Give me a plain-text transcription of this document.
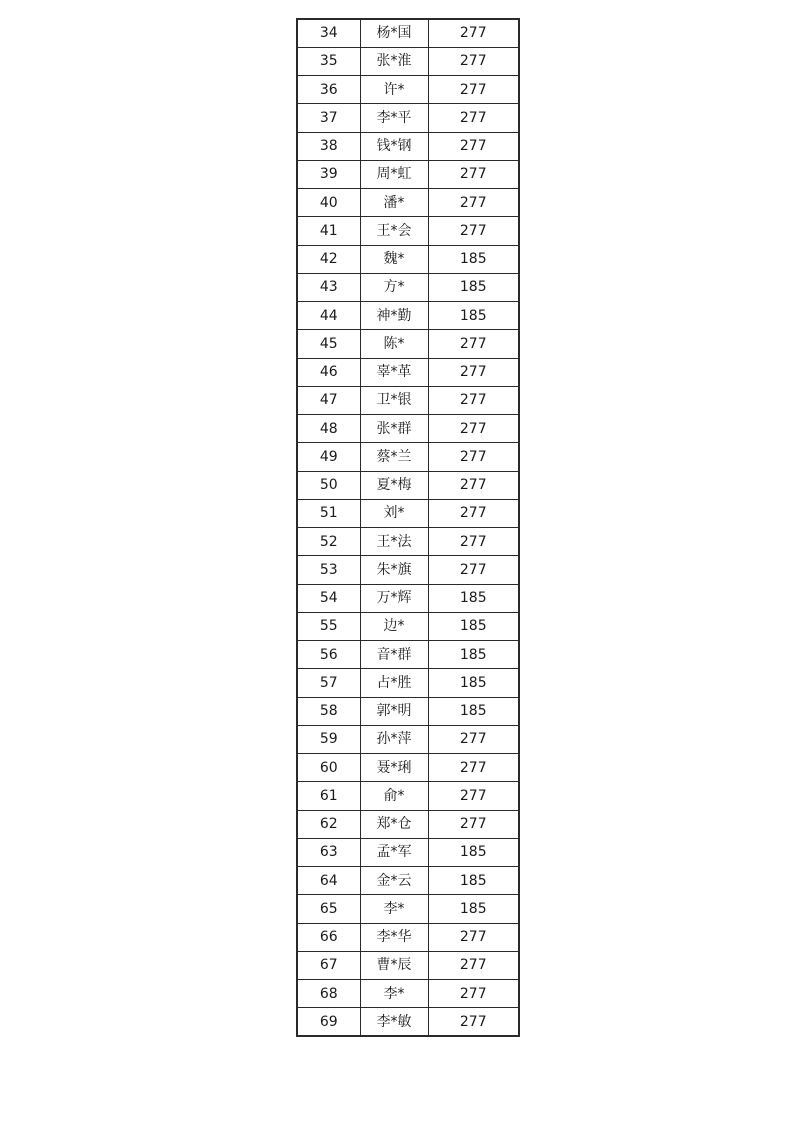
34	杨*国	277
35	张*淮	277
36	许*	277
37	李*平	277
38	钱*钢	277
39	周*虹	277
40	潘*	277
41	王*会	277
42	魏*	185
43	方*	185
44	神*勤	185
45	陈*	277
46	辜*革	277
47	卫*银	277
48	张*群	277
49	蔡*兰	277
50	夏*梅	277
51	刘*	277
52	王*法	277
53	朱*旗	277
54	万*辉	185
55	边*	185
56	音*群	185
57	占*胜	185
58	郭*明	185
59	孙*萍	277
60	聂*琍	277
61	俞*	277
62	郑*仓	277
63	孟*军	185
64	金*云	185
65	李*	185
66	李*华	277
67	曹*辰	277
68	李*	277
69	李*敏	277
